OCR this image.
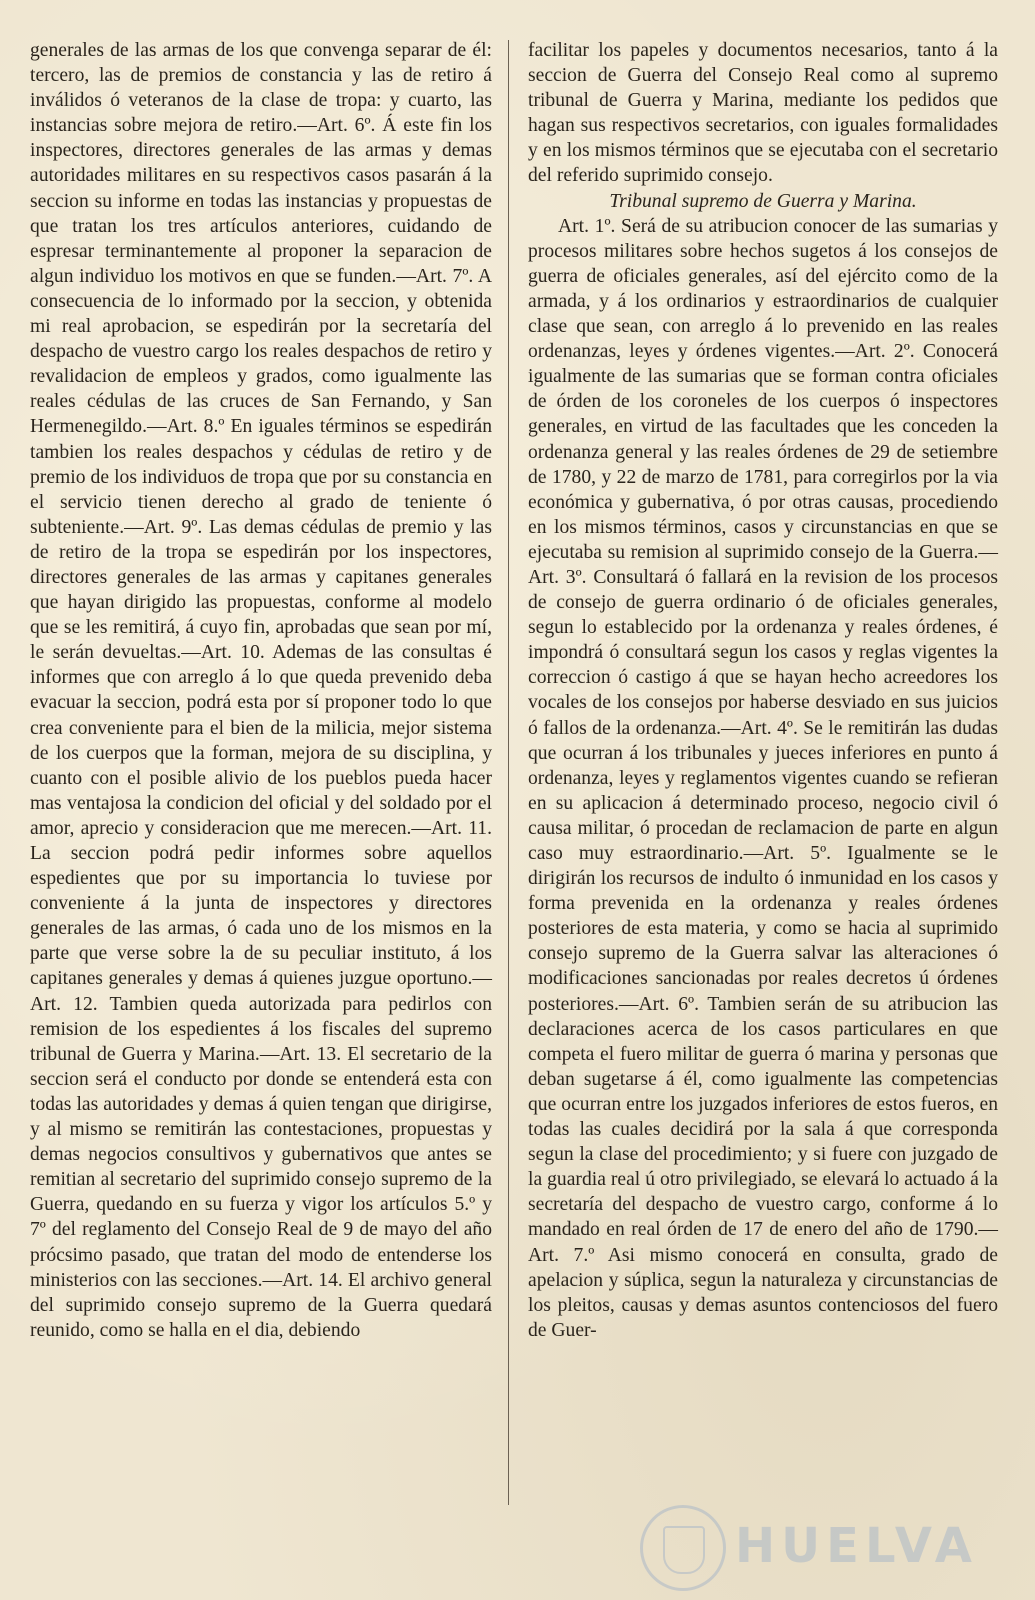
generales de las armas de los que convenga separar de él: tercero, las de premios de constancia y las de retiro á inválidos ó veteranos de la clase de tropa: y cuarto, las instancias sobre mejora de retiro.—Art. 6º. Á este fin los inspectores, directores generales de las armas y demas autoridades militares en su respectivos casos pasarán á la seccion su informe en todas las instancias y propuestas de que tratan los tres artículos anteriores, cuidando de espresar terminantemente al proponer la separacion de algun individuo los motivos en que se funden.—Art. 7º. A consecuencia de lo informado por la seccion, y obtenida mi real aprobacion, se espedirán por la secretaría del despacho de vuestro cargo los reales despachos de retiro y revalidacion de empleos y grados, como igualmente las reales cédulas de las cruces de San Fernando, y San Hermenegildo.—Art. 8.º En iguales términos se espedirán tambien los reales despachos y cédulas de retiro y de premio de los individuos de tropa que por su constancia en el servicio tienen derecho al grado de teniente ó subteniente.—Art. 9º. Las demas cédulas de premio y las de retiro de la tropa se espedirán por los inspectores, directores generales de las armas y capitanes generales que hayan dirigido las propuestas, conforme al modelo que se les remitirá, á cuyo fin, aprobadas que sean por mí, le serán devueltas.—Art. 10. Ademas de las consultas é informes que con arreglo á lo que queda prevenido deba evacuar la seccion, podrá esta por sí proponer todo lo que crea conveniente para el bien de la milicia, mejor sistema de los cuerpos que la forman, mejora de su disciplina, y cuanto con el posible alivio de los pueblos pueda hacer mas ventajosa la condicion del oficial y del soldado por el amor, aprecio y consideracion que me merecen.—Art. 11. La seccion podrá pedir informes sobre aquellos espedientes que por su importancia lo tuviese por conveniente á la junta de inspectores y directores generales de las armas, ó cada uno de los mismos en la parte que verse sobre la de su peculiar instituto, á los capitanes generales y demas á quienes juzgue oportuno.—Art. 12. Tambien queda autorizada para pedirlos con remision de los espedientes á los fiscales del supremo tribunal de Guerra y Marina.—Art. 13. El secretario de la seccion será el conducto por donde se entenderá esta con todas las autoridades y demas á quien tengan que dirigirse, y al mismo se remitirán las contestaciones, propuestas y demas negocios consultivos y gubernativos que antes se remitian al secretario del suprimido consejo supremo de la Guerra, quedando en su fuerza y vigor los artículos 5.º y 7º del reglamento del Consejo Real de 9 de mayo del año prócsimo pasado, que tratan del modo de entenderse los ministerios con las secciones.—Art. 14. El archivo general del suprimido consejo supremo de la Guerra quedará reunido, como se halla en el dia, debiendo

facilitar los papeles y documentos necesarios, tanto á la seccion de Guerra del Consejo Real como al supremo tribunal de Guerra y Marina, mediante los pedidos que hagan sus respectivos secretarios, con iguales formalidades y en los mismos términos que se ejecutaba con el secretario del referido suprimido consejo.

Tribunal supremo de Guerra y Marina.

Art. 1º. Será de su atribucion conocer de las sumarias y procesos militares sobre hechos sugetos á los consejos de guerra de oficiales generales, así del ejército como de la armada, y á los ordinarios y estraordinarios de cualquier clase que sean, con arreglo á lo prevenido en las reales ordenanzas, leyes y órdenes vigentes.—Art. 2º. Conocerá igualmente de las sumarias que se forman contra oficiales de órden de los coroneles de los cuerpos ó inspectores generales, en virtud de las facultades que les conceden la ordenanza general y las reales órdenes de 29 de setiembre de 1780, y 22 de marzo de 1781, para corregirlos por la via económica y gubernativa, ó por otras causas, procediendo en los mismos términos, casos y circunstancias en que se ejecutaba su remision al suprimido consejo de la Guerra.—Art. 3º. Consultará ó fallará en la revision de los procesos de consejo de guerra ordinario ó de oficiales generales, segun lo establecido por la ordenanza y reales órdenes, é impondrá ó consultará segun los casos y reglas vigentes la correccion ó castigo á que se hayan hecho acreedores los vocales de los consejos por haberse desviado en sus juicios ó fallos de la ordenanza.—Art. 4º. Se le remitirán las dudas que ocurran á los tribunales y jueces inferiores en punto á ordenanza, leyes y reglamentos vigentes cuando se refieran en su aplicacion á determinado proceso, negocio civil ó causa militar, ó procedan de reclamacion de parte en algun caso muy estraordinario.—Art. 5º. Igualmente se le dirigirán los recursos de indulto ó inmunidad en los casos y forma prevenida en la ordenanza y reales órdenes posteriores de esta materia, y como se hacia al suprimido consejo supremo de la Guerra salvar las alteraciones ó modificaciones sancionadas por reales decretos ú órdenes posteriores.—Art. 6º. Tambien serán de su atribucion las declaraciones acerca de los casos particulares en que competa el fuero militar de guerra ó marina y personas que deban sugetarse á él, como igualmente las competencias que ocurran entre los juzgados inferiores de estos fueros, en todas las cuales decidirá por la sala á que corresponda segun la clase del procedimiento; y si fuere con juzgado de la guardia real ú otro privilegiado, se elevará lo actuado á la secretaría del despacho de vuestro cargo, conforme á lo mandado en real órden de 17 de enero del año de 1790.—Art. 7.º Asi mismo conocerá en consulta, grado de apelacion y súplica, segun la naturaleza y circunstancias de los pleitos, causas y demas asuntos contenciosos del fuero de Guer-

HUELVA
